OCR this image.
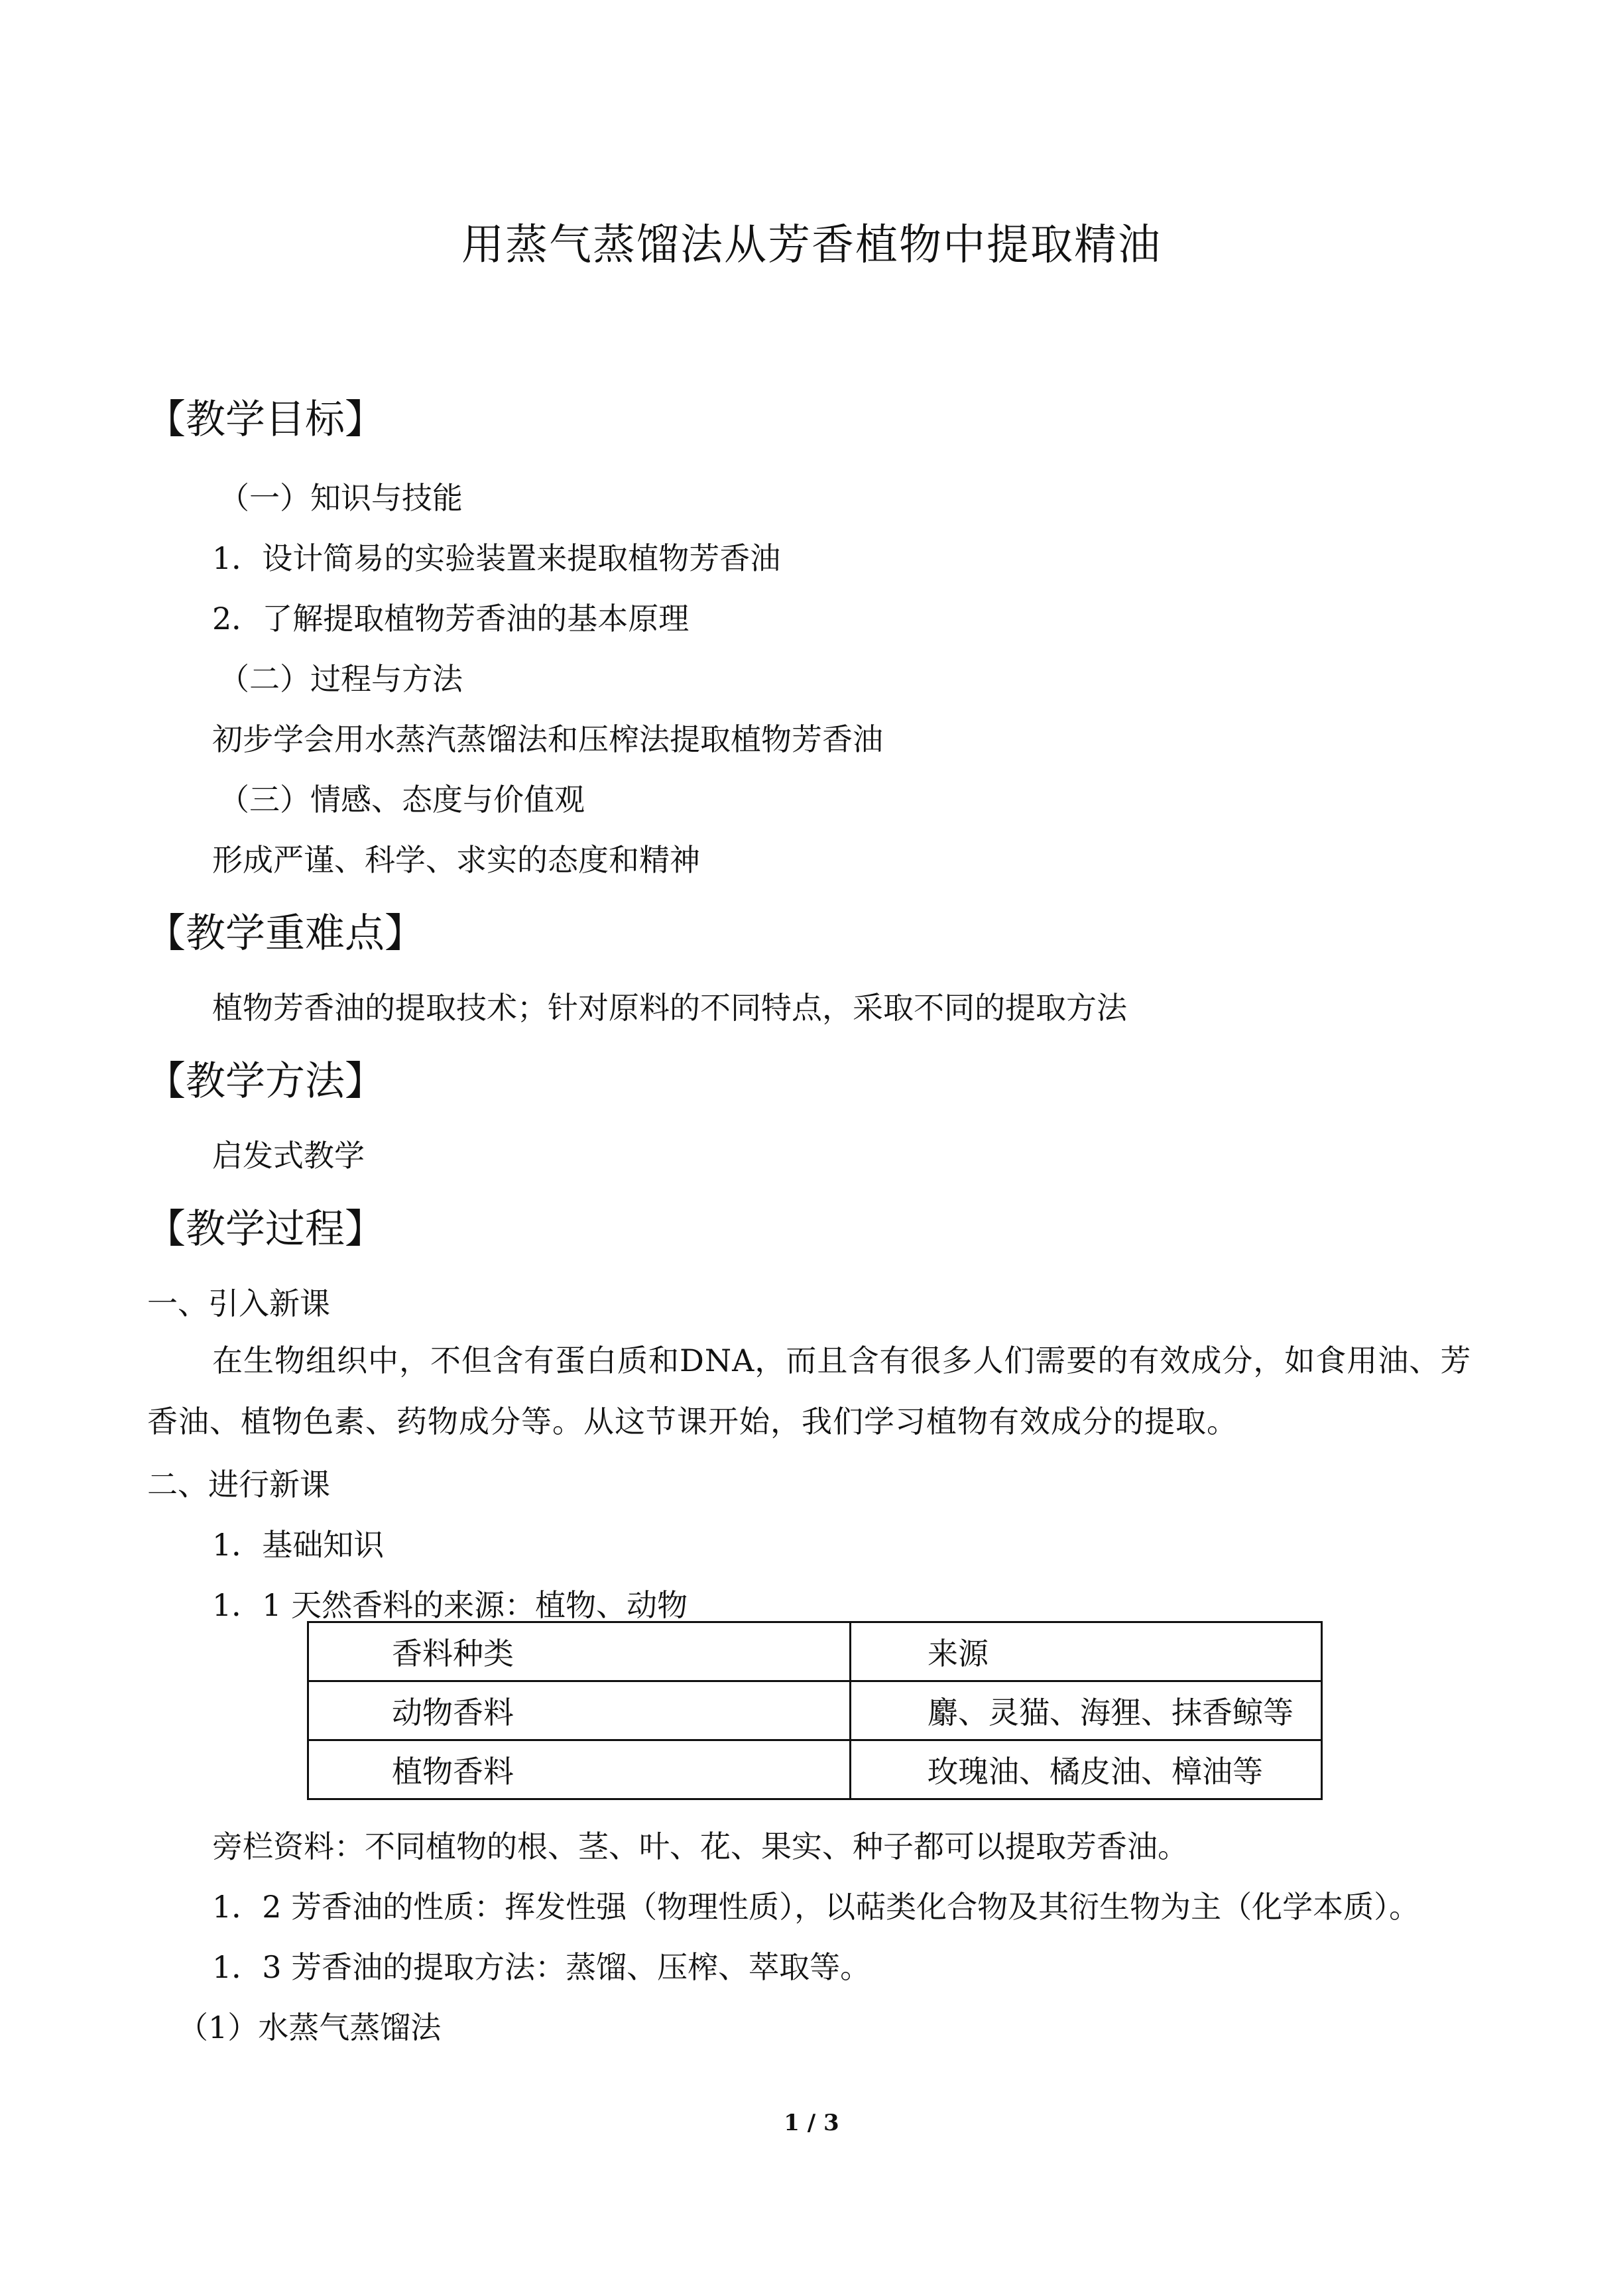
用蒸气蒸馏法从芳香植物中提取精油
【教学目标】
（一）知识与技能
1．设计简易的实验装置来提取植物芳香油
2．了解提取植物芳香油的基本原理
（二）过程与方法
初步学会用水蒸汽蒸馏法和压榨法提取植物芳香油
（三）情感、态度与价值观
形成严谨、科学、求实的态度和精神
【教学重难点】
植物芳香油的提取技术；针对原料的不同特点，采取不同的提取方法
【教学方法】
启发式教学
【教学过程】
一、引入新课
在生物组织中，不但含有蛋白质和DNA，而且含有很多人们需要的有效成分，如食用油、芳香油、植物色素、药物成分等。从这节课开始，我们学习植物有效成分的提取。
二、进行新课
1．基础知识
1．1 天然香料的来源：植物、动物
香料种类	来源
动物香料	麝、灵猫、海狸、抹香鲸等
植物香料	玫瑰油、橘皮油、樟油等
旁栏资料：不同植物的根、茎、叶、花、果实、种子都可以提取芳香油。
1．2 芳香油的性质：挥发性强（物理性质），以萜类化合物及其衍生物为主（化学本质）。
1．3 芳香油的提取方法：蒸馏、压榨、萃取等。
（1）水蒸气蒸馏法
1 / 3
